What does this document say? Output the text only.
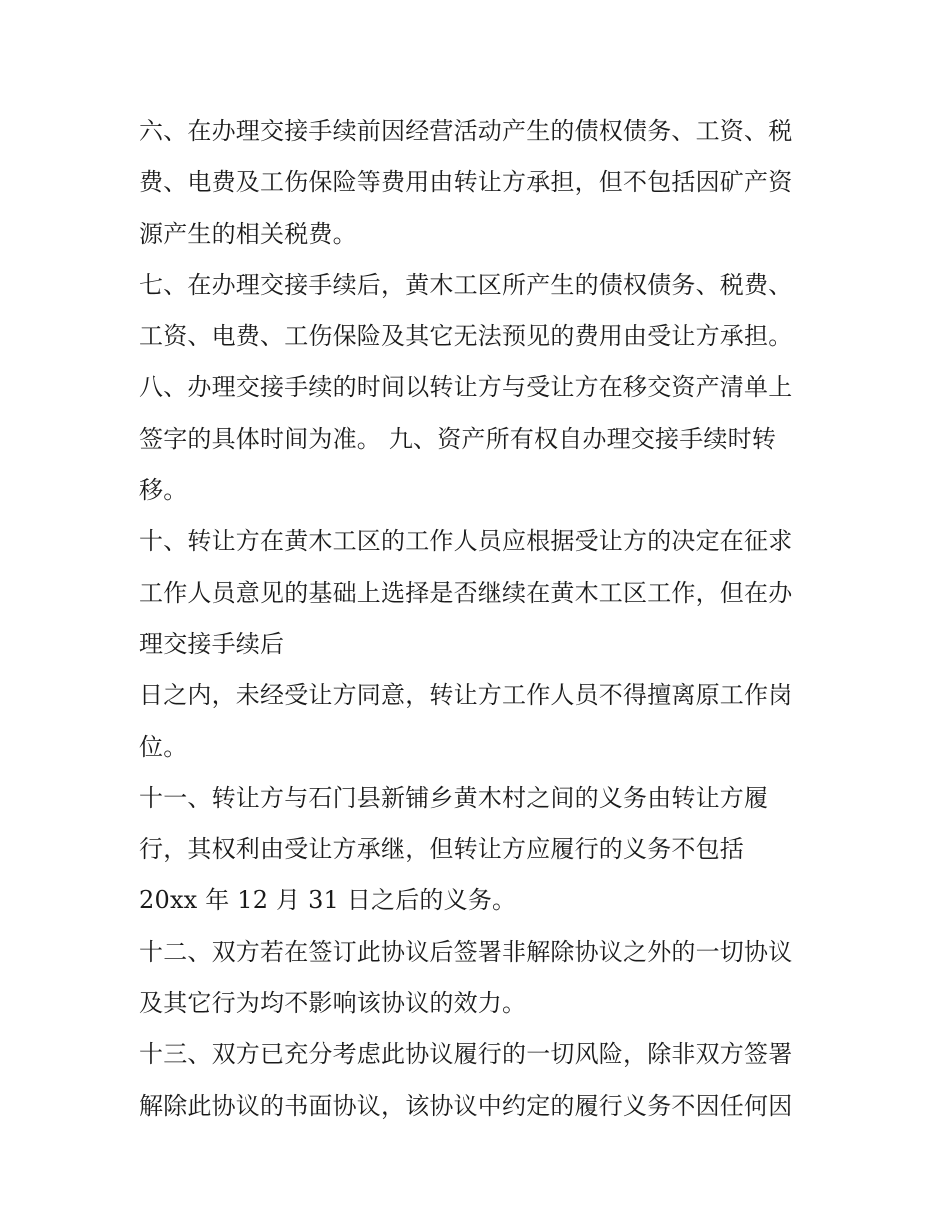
六、在办理交接手续前因经营活动产生的债权债务、工资、税
费、电费及工伤保险等费用由转让方承担，但不包括因矿产资
源产生的相关税费。
七、在办理交接手续后，黄木工区所产生的债权债务、税费、
工资、电费、工伤保险及其它无法预见的费用由受让方承担。
八、办理交接手续的时间以转让方与受让方在移交资产清单上
签字的具体时间为准。 九、资产所有权自办理交接手续时转
移。
十、转让方在黄木工区的工作人员应根据受让方的决定在征求
工作人员意见的基础上选择是否继续在黄木工区工作，但在办
理交接手续后
日之内，未经受让方同意，转让方工作人员不得擅离原工作岗
位。
十一、转让方与石门县新铺乡黄木村之间的义务由转让方履
行，其权利由受让方承继，但转让方应履行的义务不包括
20xx 年 12 月 31 日之后的义务。
十二、双方若在签订此协议后签署非解除协议之外的一切协议
及其它行为均不影响该协议的效力。
十三、双方已充分考虑此协议履行的一切风险，除非双方签署
解除此协议的书面协议，该协议中约定的履行义务不因任何因
